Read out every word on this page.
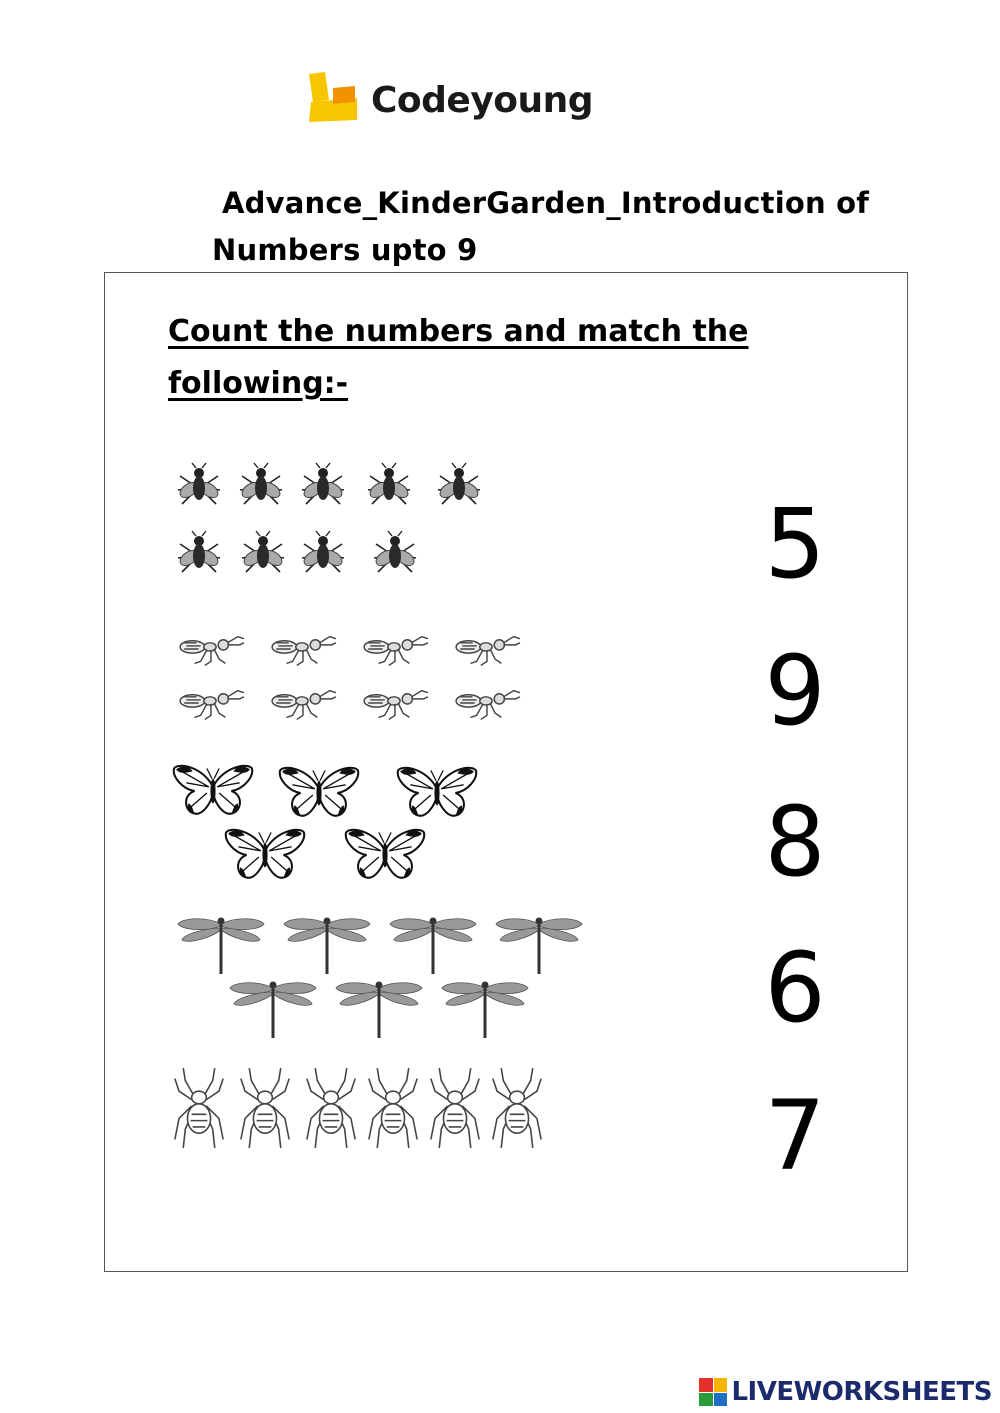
Codeyoung
Advance_KinderGarden_Introduction of
Numbers upto 9
Count the numbers and match the
following:-
5
9
8
6
7
LIVEWORKSHEETS
